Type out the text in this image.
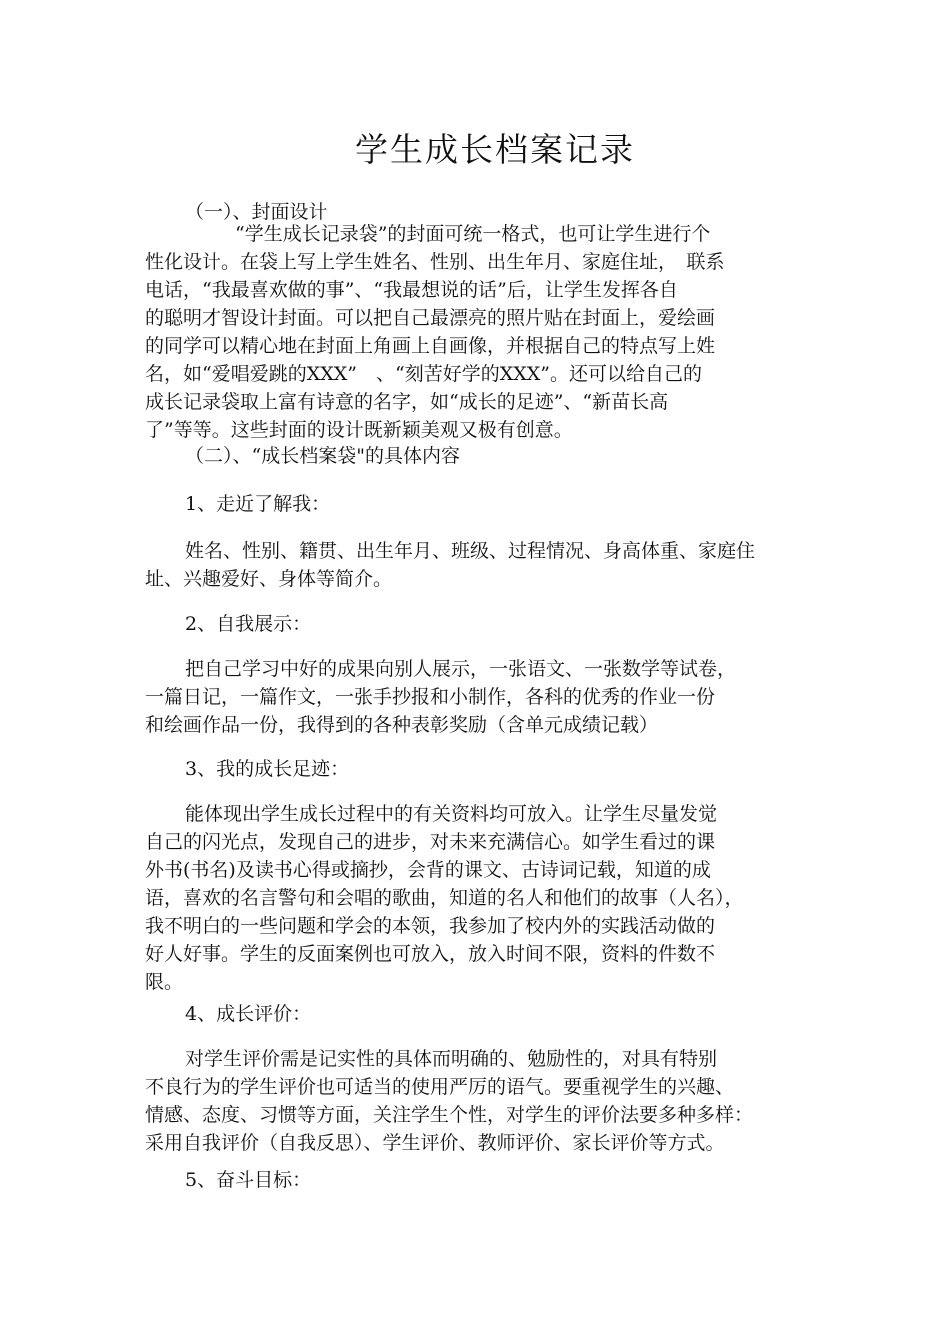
学生成长档案记录
（一）、封面设计
“学生成长记录袋”的封面可统一格式，也可让学生进行个
性化设计。在袋上写上学生姓名、性别、出生年月、家庭住址，　联系
电话，“我最喜欢做的事”、“我最想说的话”后，让学生发挥各自
的聪明才智设计封面。可以把自己最漂亮的照片贴在封面上，爱绘画
的同学可以精心地在封面上角画上自画像，并根据自己的特点写上姓
名，如“爱唱爱跳的XXX”　、“刻苦好学的XXX”。还可以给自己的
成长记录袋取上富有诗意的名字，如“成长的足迹”、“新苗长高
了”等等。这些封面的设计既新颖美观又极有创意。
（二）、“成长档案袋"的具体内容
1、走近了解我：
姓名、性别、籍贯、出生年月、班级、过程情况、身高体重、家庭住
址、兴趣爱好、身体等简介。
2、自我展示：
把自己学习中好的成果向别人展示，一张语文、一张数学等试卷，
一篇日记，一篇作文，一张手抄报和小制作，各科的优秀的作业一份
和绘画作品一份，我得到的各种表彰奖励（含单元成绩记载）
3、我的成长足迹：
能体现出学生成长过程中的有关资料均可放入。让学生尽量发觉
自己的闪光点，发现自己的进步，对未来充满信心。如学生看过的课
外书(书名)及读书心得或摘抄，会背的课文、古诗词记载，知道的成
语，喜欢的名言警句和会唱的歌曲，知道的名人和他们的故事（人名），
我不明白的一些问题和学会的本领，我参加了校内外的实践活动做的
好人好事。学生的反面案例也可放入，放入时间不限，资料的件数不
限。
4、成长评价：
对学生评价需是记实性的具体而明确的、勉励性的，对具有特别
不良行为的学生评价也可适当的使用严厉的语气。要重视学生的兴趣、
情感、态度、习惯等方面，关注学生个性，对学生的评价法要多种多样：
采用自我评价（自我反思）、学生评价、教师评价、家长评价等方式。
5、奋斗目标：
